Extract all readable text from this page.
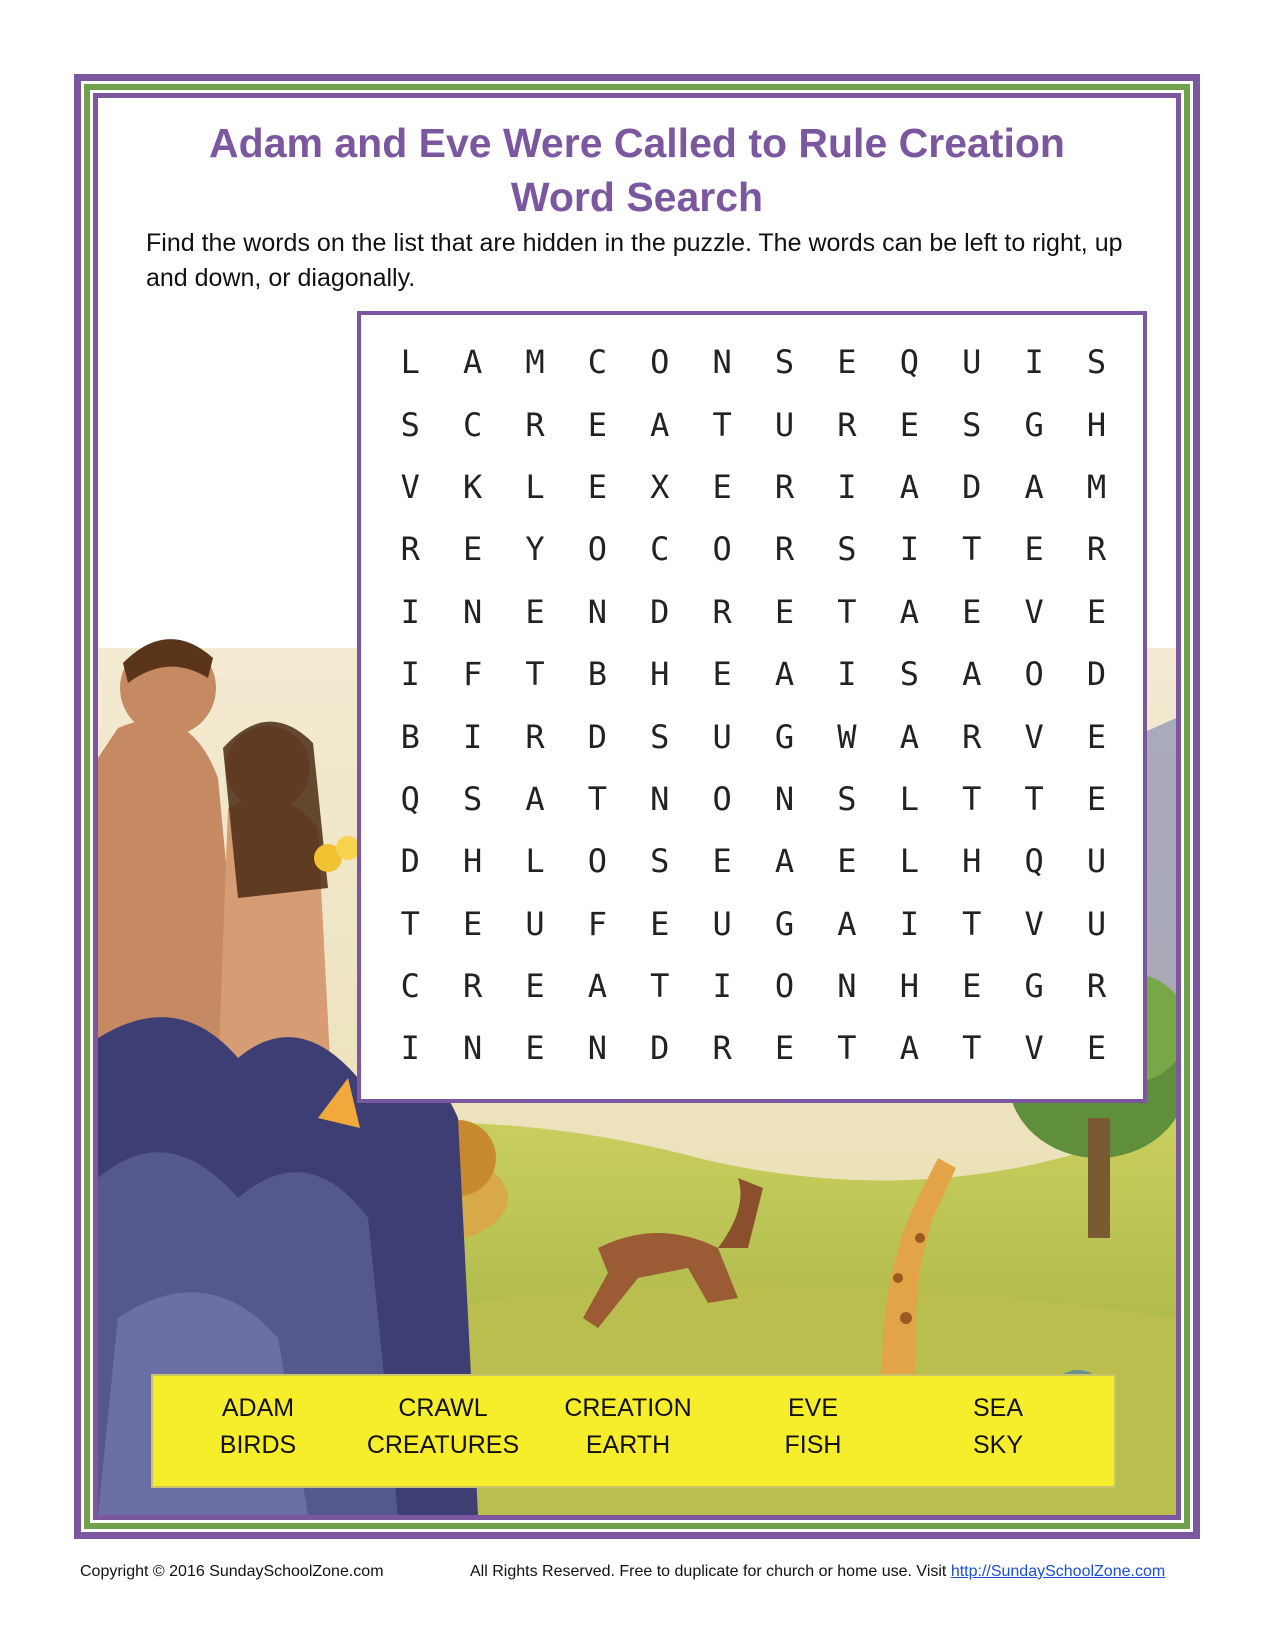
Adam and Eve Were Called to Rule Creation
Word Search
Find the words on the list that are hidden in the puzzle. The words can be left to right, up and down, or diagonally.
L	A	M	C	O	N	S	E	Q	U	I	S
S	C	R	E	A	T	U	R	E	S	G	H
V	K	L	E	X	E	R	I	A	D	A	M
R	E	Y	O	C	O	R	S	I	T	E	R
I	N	E	N	D	R	E	T	A	E	V	E
I	F	T	B	H	E	A	I	S	A	O	D
B	I	R	D	S	U	G	W	A	R	V	E
Q	S	A	T	N	O	N	S	L	T	T	E
D	H	L	O	S	E	A	E	L	H	Q	U
T	E	U	F	E	U	G	A	I	T	V	U
C	R	E	A	T	I	O	N	H	E	G	R
I	N	E	N	D	R	E	T	A	T	V	E
ADAM
BIRDS
CRAWL
CREATURES
CREATION
EARTH
EVE
FISH
SEA
SKY
Copyright © 2016 SundaySchoolZone.com	All Rights Reserved. Free to duplicate for church or home use. Visit http://SundaySchoolZone.com
